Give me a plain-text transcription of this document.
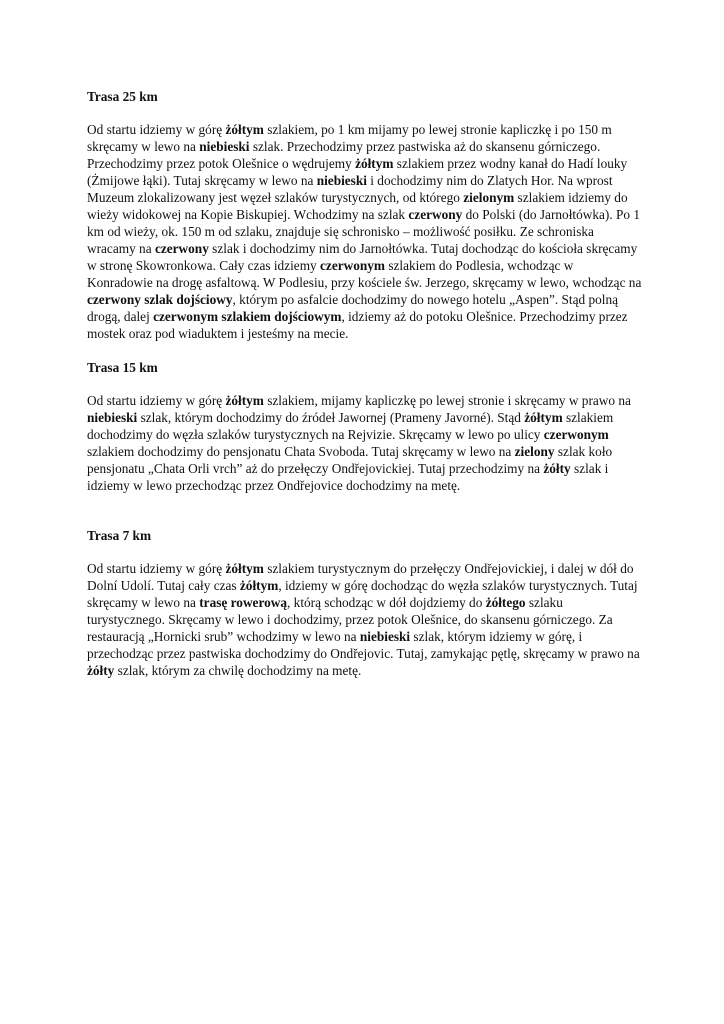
Trasa 25 km

Od startu idziemy w górę żółtym szlakiem, po 1 km mijamy po lewej stronie kapliczkę i po 150 m skręcamy w lewo na niebieski szlak. Przechodzimy przez pastwiska aż do skansenu górniczego. Przechodzimy przez potok Olešnice o wędrujemy żółtym szlakiem przez wodny kanał do Hadí louky (Żmijowe łąki). Tutaj skręcamy w lewo na niebieski i dochodzimy nim do Zlatych Hor. Na wprost Muzeum zlokalizowany jest węzeł szlaków turystycznych, od którego zielonym szlakiem idziemy do wieży widokowej na Kopie Biskupiej. Wchodzimy na szlak czerwony do Polski (do Jarnołtówka). Po 1 km od wieży, ok. 150 m od szlaku, znajduje się schronisko – możliwość posiłku. Ze schroniska wracamy na czerwony szlak i dochodzimy nim do Jarnołtówka. Tutaj dochodząc do kościoła skręcamy w stronę Skowronkowa. Cały czas idziemy czerwonym szlakiem do Podlesia, wchodząc w Konradowie na drogę asfaltową. W Podlesiu, przy kościele św. Jerzego, skręcamy w lewo, wchodząc na czerwony szlak dojściowy, którym po asfalcie dochodzimy do nowego hotelu „Aspen”. Stąd polną drogą, dalej czerwonym szlakiem dojściowym, idziemy aż do potoku Olešnice. Przechodzimy przez mostek oraz pod wiaduktem i jesteśmy na mecie.

Trasa 15 km

Od startu idziemy w górę żółtym szlakiem, mijamy kapliczkę po lewej stronie i skręcamy w prawo na niebieski szlak, którym dochodzimy do źródeł Jawornej (Prameny Javorné). Stąd żółtym szlakiem dochodzimy do węzła szlaków turystycznych na Rejvizie. Skręcamy w lewo po ulicy czerwonym szlakiem dochodzimy do pensjonatu Chata Svoboda. Tutaj skręcamy w lewo na zielony szlak koło pensjonatu „Chata Orli vrch” aż do przełęczy Ondřejovickiej. Tutaj przechodzimy na żółty szlak i idziemy w lewo przechodząc przez Ondřejovice dochodzimy na metę.

Trasa 7 km

Od startu idziemy w górę żółtym szlakiem turystycznym do przełęczy Ondřejovickiej, i dalej w dół do Dolní Udolí. Tutaj cały czas żółtym, idziemy w górę dochodząc do węzła szlaków turystycznych. Tutaj skręcamy w lewo na trasę rowerową, którą schodząc w dół dojdziemy do żółtego szlaku turystycznego. Skręcamy w lewo i dochodzimy, przez potok Olešnice, do skansenu górniczego. Za restauracją „Hornicki srub” wchodzimy w lewo na niebieski szlak, którym idziemy w górę, i przechodząc przez pastwiska dochodzimy do Ondřejovic. Tutaj, zamykając pętlę, skręcamy w prawo na żółty szlak, którym za chwilę dochodzimy na metę.
